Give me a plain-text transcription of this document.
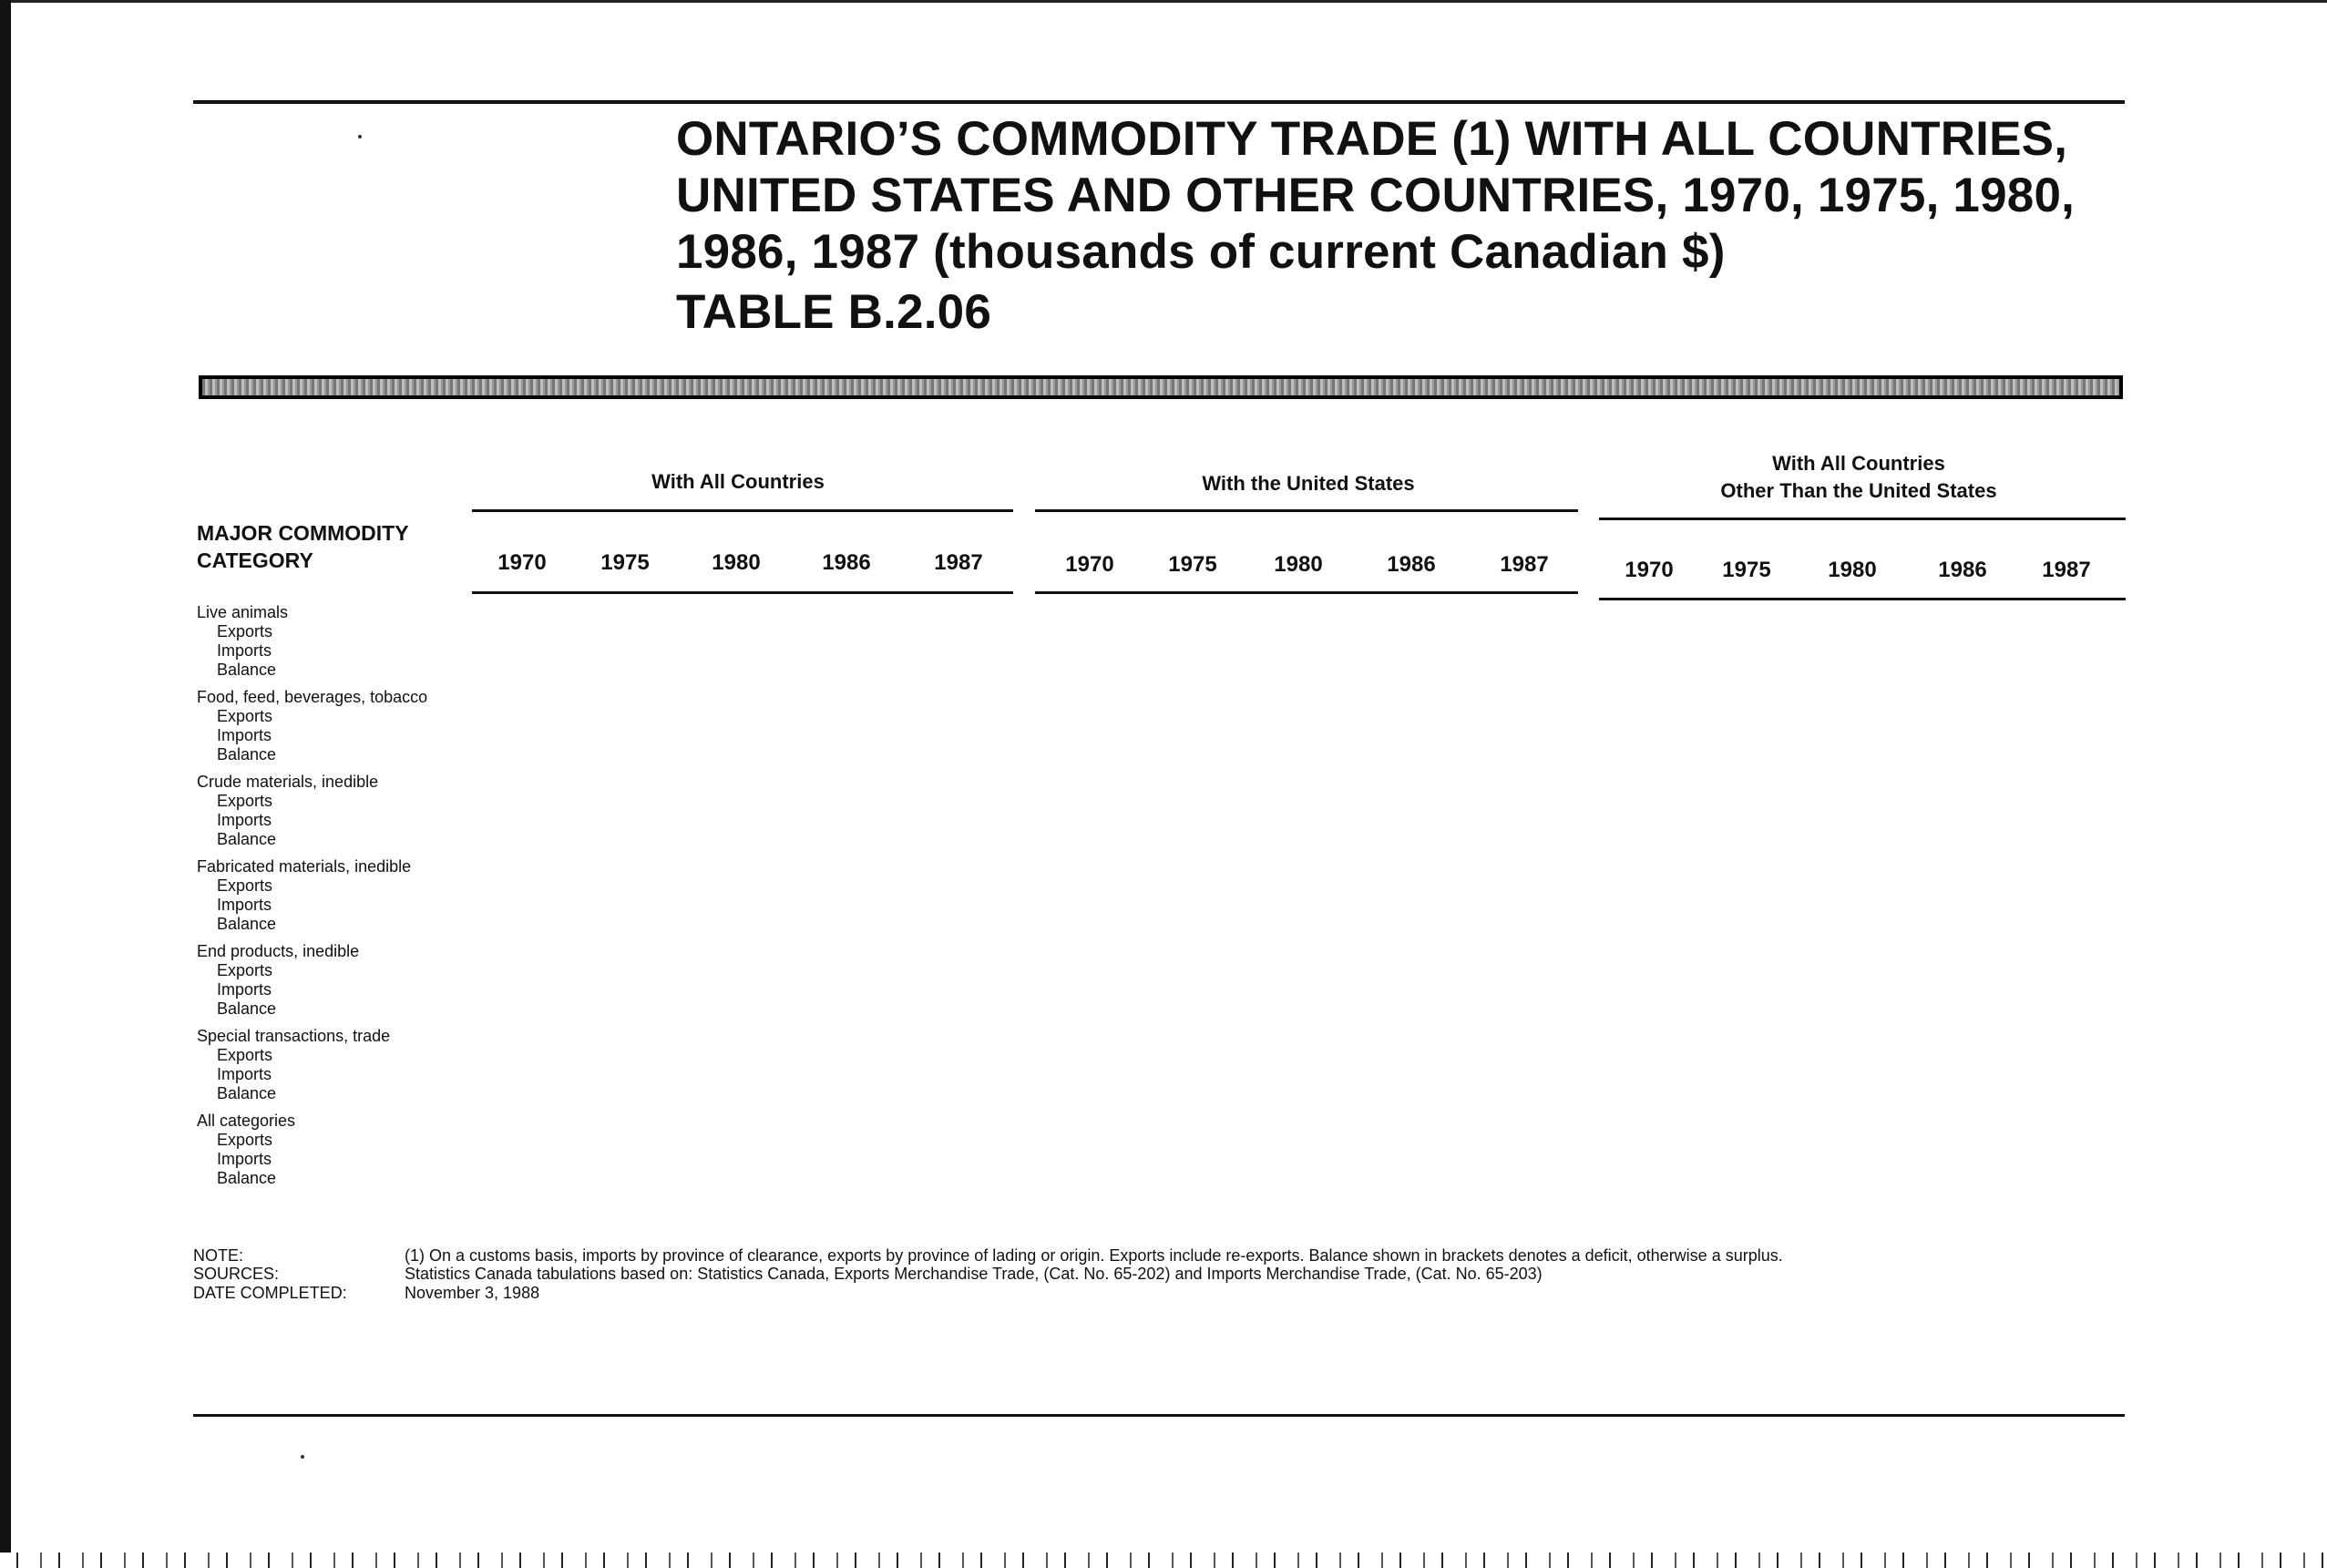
ONTARIO’S COMMODITY TRADE (1) WITH ALL COUNTRIES,
UNITED STATES AND OTHER COUNTRIES, 1970, 1975, 1980,
1986, 1987 (thousands of current Canadian $)
TABLE B.2.06
With All Countries	With the United States
With All Countries
Other Than the United States
MAJOR COMMODITY
CATEGORY	1970	1975	1980	1986	1987	1970	1975	1980	1986	1987	1970	1975	1980	1986	1987
Live animals
Exports
Imports
Balance
Food, feed, beverages, tobacco
Exports
Imports
Balance
Crude materials, inedible
Exports
Imports
Balance
Fabricated materials, inedible
Exports
Imports
Balance
End products, inedible
Exports
Imports
Balance
Special transactions, trade
Exports
Imports
Balance
All categories
Exports
Imports
Balance
NOTE:	(1) On a customs basis, imports by province of clearance, exports by province of lading or origin. Exports include re-exports. Balance shown in brackets denotes a deficit, otherwise a surplus.
SOURCES:	Statistics Canada tabulations based on: Statistics Canada, Exports Merchandise Trade, (Cat. No. 65-202) and Imports Merchandise Trade, (Cat. No. 65-203)
DATE COMPLETED:	November 3, 1988
